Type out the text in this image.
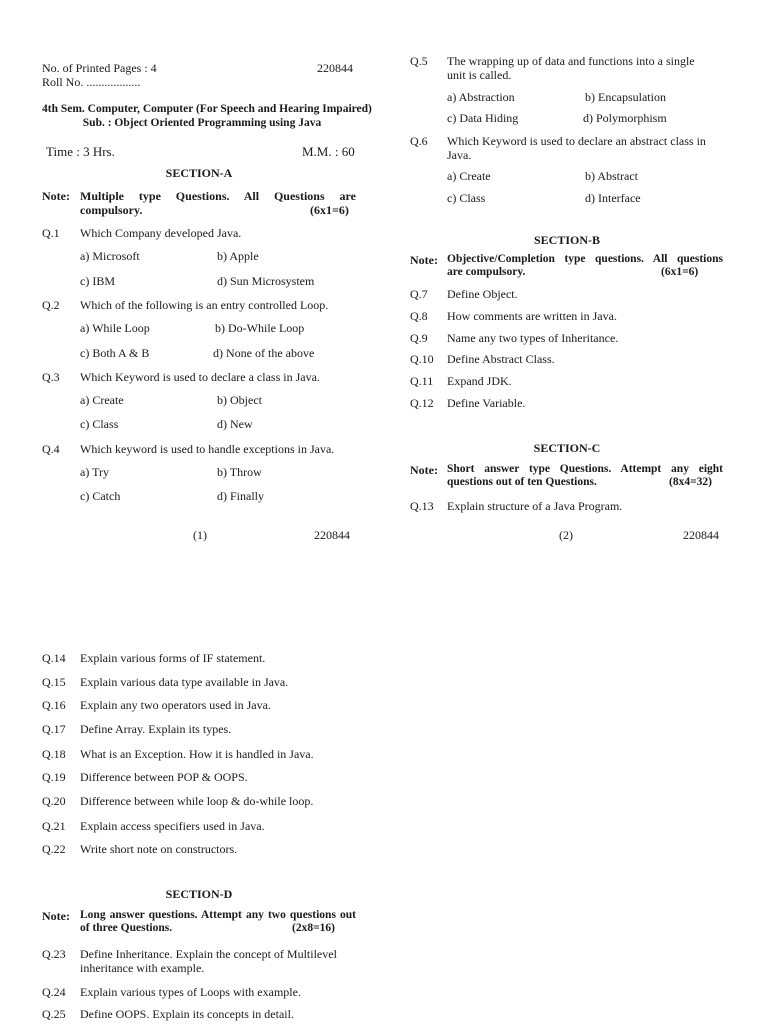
No. of Printed Pages : 4	220844
Roll No. ..................
4th Sem. Computer, Computer (For Speech and Hearing Impaired)
Sub. : Object Oriented Programming using Java
Time : 3 Hrs.	M.M. : 60
SECTION-A
Note: Multiple type Questions. All Questions are
compulsory.	(6x1=6)
Q.1 Which Company developed Java.
a) Microsoft	b) Apple
c) IBM	d) Sun Microsystem
Q.2 Which of the following is an entry controlled Loop.
a) While Loop	b) Do-While Loop
c) Both A & B	d) None of the above
Q.3 Which Keyword is used to declare a class in Java.
a) Create	b) Object
c) Class	d) New
Q.4 Which keyword is used to handle exceptions in Java.
a) Try	b) Throw
c) Catch	d) Finally
(1)	220844
Q.5 The wrapping up of data and functions into a single
unit is called.
a) Abstraction	b) Encapsulation
c) Data Hiding	d) Polymorphism
Q.6 Which Keyword is used to declare an abstract class in
Java.
a) Create	b) Abstract
c) Class	d) Interface
SECTION-B
Note: Objective/Completion type questions. All questions
are compulsory.	(6x1=6)
Q.7 Define Object.
Q.8 How comments are written in Java.
Q.9 Name any two types of Inheritance.
Q.10 Define Abstract Class.
Q.11 Expand JDK.
Q.12 Define Variable.
SECTION-C
Note: Short answer type Questions. Attempt any eight
questions out of ten Questions.	(8x4=32)
Q.13 Explain structure of a Java Program.
(2)	220844
Q.14 Explain various forms of IF statement.
Q.15 Explain various data type available in Java.
Q.16 Explain any two operators used in Java.
Q.17 Define Array. Explain its types.
Q.18 What is an Exception. How it is handled in Java.
Q.19 Difference between POP & OOPS.
Q.20 Difference between while loop & do-while loop.
Q.21 Explain access specifiers used in Java.
Q.22 Write short note on constructors.
SECTION-D
Note: Long answer questions. Attempt any two questions out
of three Questions.	(2x8=16)
Q.23 Define Inheritance. Explain the concept of Multilevel
inheritance with example.
Q.24 Explain various types of Loops with example.
Q.25 Define OOPS. Explain its concepts in detail.
